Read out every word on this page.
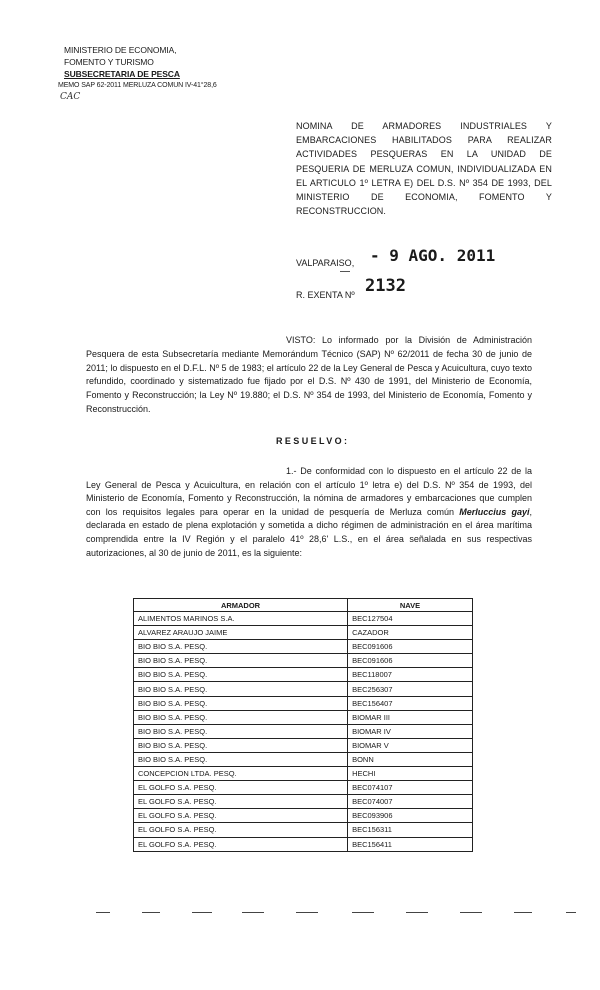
MINISTERIO DE ECONOMIA,
FOMENTO Y TURISMO
SUBSECRETARIA DE PESCA
MEMO SAP 62-2011 MERLUZA COMUN IV-41°28,6
CAC
NOMINA DE ARMADORES INDUSTRIALES Y EMBARCACIONES HABILITADOS PARA REALIZAR ACTIVIDADES PESQUERAS EN LA UNIDAD DE PESQUERIA DE MERLUZA COMUN, INDIVIDUALIZADA EN EL ARTICULO 1º LETRA E) DEL D.S. Nº 354 DE 1993, DEL MINISTERIO DE ECONOMIA, FOMENTO Y RECONSTRUCCION.
VALPARAISO, - 9 AGO. 2011
R. EXENTA Nº 2132
VISTO: Lo informado por la División de Administración Pesquera de esta Subsecretaría mediante Memorándum Técnico (SAP) Nº 62/2011 de fecha 30 de junio de 2011; lo dispuesto en el D.F.L. Nº 5 de 1983; el artículo 22 de la Ley General de Pesca y Acuicultura, cuyo texto refundido, coordinado y sistematizado fue fijado por el D.S. Nº 430 de 1991, del Ministerio de Economía, Fomento y Reconstrucción; la Ley Nº 19.880; el D.S. Nº 354 de 1993, del Ministerio de Economía, Fomento y Reconstrucción.
RESUELVO:
1.- De conformidad con lo dispuesto en el artículo 22 de la Ley General de Pesca y Acuicultura, en relación con el artículo 1º letra e) del D.S. Nº 354 de 1993, del Ministerio de Economía, Fomento y Reconstrucción, la nómina de armadores y embarcaciones que cumplen con los requisitos legales para operar en la unidad de pesquería de Merluza común Merluccius gayi, declarada en estado de plena explotación y sometida a dicho régimen de administración en el área marítima comprendida entre la IV Región y el paralelo 41º 28,6' L.S., en el área señalada en sus respectivas autorizaciones, al 30 de junio de 2011, es la siguiente:
ARMADOR	NAVE
ALIMENTOS MARINOS S.A.	BEC127504
ALVAREZ ARAUJO JAIME	CAZADOR
BIO BIO S.A. PESQ.	BEC091606
BIO BIO S.A. PESQ.	BEC091606
BIO BIO S.A. PESQ.	BEC118007
BIO BIO S.A. PESQ.	BEC256307
BIO BIO S.A. PESQ.	BEC156407
BIO BIO S.A. PESQ.	BIOMAR III
BIO BIO S.A. PESQ.	BIOMAR IV
BIO BIO S.A. PESQ.	BIOMAR V
BIO BIO S.A. PESQ.	BONN
CONCEPCION LTDA. PESQ.	HECHI
EL GOLFO S.A. PESQ.	BEC074107
EL GOLFO S.A. PESQ.	BEC074007
EL GOLFO S.A. PESQ.	BEC093906
EL GOLFO S.A. PESQ.	BEC156311
EL GOLFO S.A. PESQ.	BEC156411
